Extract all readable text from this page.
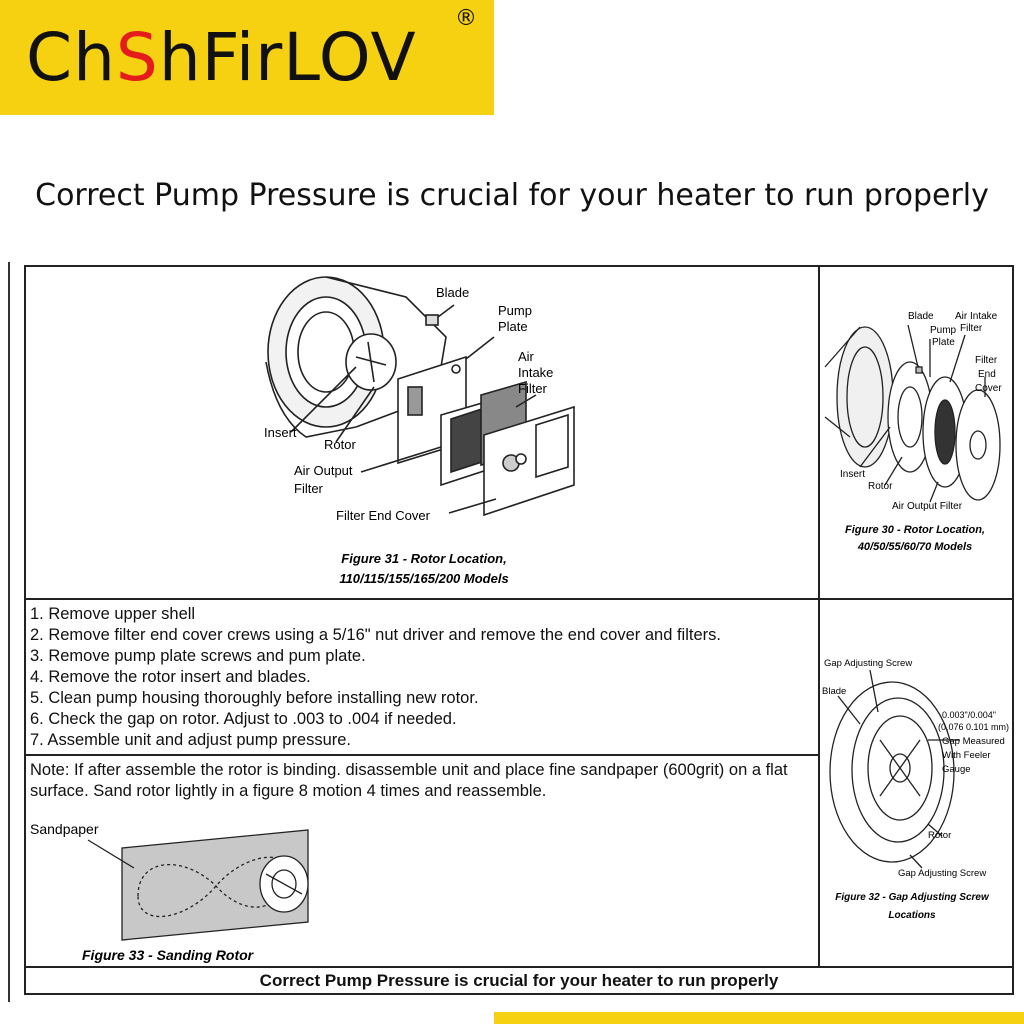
ChShFirLOV
®
Correct Pump Pressure is crucial for your heater to run properly
Blade
Pump
Plate
Air
Intake
Filter
Insert
Rotor
Air Output
Filter
Filter End Cover
Figure 31 - Rotor Location,
110/115/155/165/200 Models
Blade
Pump
Plate
Air Intake
Filter
Filter
End
Cover
Insert
Rotor
Air Output Filter
Figure 30 - Rotor Location,
40/50/55/60/70 Models
1. Remove upper shell
2. Remove filter end cover crews using a 5/16" nut driver and remove the end cover and filters.
3. Remove pump plate screws and pum plate.
4. Remove the rotor insert and blades.
5. Clean pump housing thoroughly before installing new rotor.
6. Check the gap on rotor. Adjust to .003 to .004 if needed.
7. Assemble unit and adjust pump pressure.
Note: If after assemble the rotor is binding. disassemble unit and place fine sandpaper (600grit) on a flat surface. Sand rotor lightly in a figure 8 motion 4 times and reassemble.
Sandpaper
Figure 33 - Sanding Rotor
Gap Adjusting Screw
Blade
0.003"/0.004"
(0.076 0.101 mm)
Gap Measured
With Feeler
Gauge
Rotor
Gap Adjusting Screw
Figure 32 - Gap Adjusting Screw
Locations
Correct Pump Pressure is crucial for your heater to run properly
